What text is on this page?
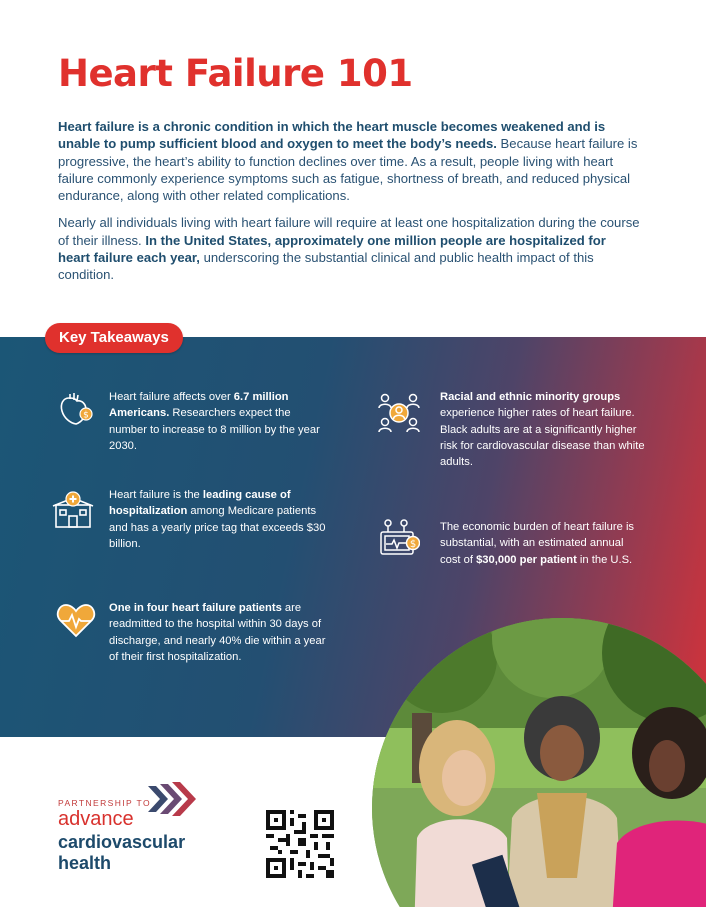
Heart Failure 101

Heart failure is a chronic condition in which the heart muscle becomes weakened and is unable to pump sufficient blood and oxygen to meet the body’s needs. Because heart failure is progressive, the heart’s ability to function declines over time. As a result, people living with heart failure commonly experience symptoms such as fatigue, shortness of breath, and reduced physical endurance, along with other related complications.

Nearly all individuals living with heart failure will require at least one hospitalization during the course of their illness. In the United States, approximately one million people are hospitalized for heart failure each year, underscoring the substantial clinical and public health impact of this condition.

Key Takeaways
$
Heart failure affects over 6.7 million Americans. Researchers expect the number to increase to 8 million by the year 2030.
Heart failure is the leading cause of hospitalization among Medicare patients and has a yearly price tag that exceeds $30 billion.
One in four heart failure patients are readmitted to the hospital within 30 days of discharge, and nearly 40% die within a year of their first hospitalization.
Racial and ethnic minority groups experience higher rates of heart failure. Black adults are at a significantly higher risk for cardiovascular disease than white adults.
$
The economic burden of heart failure is substantial, with an estimated annual cost of $30,000 per patient in the U.S.
PARTNERSHIP TO
advance
cardiovascular
health
